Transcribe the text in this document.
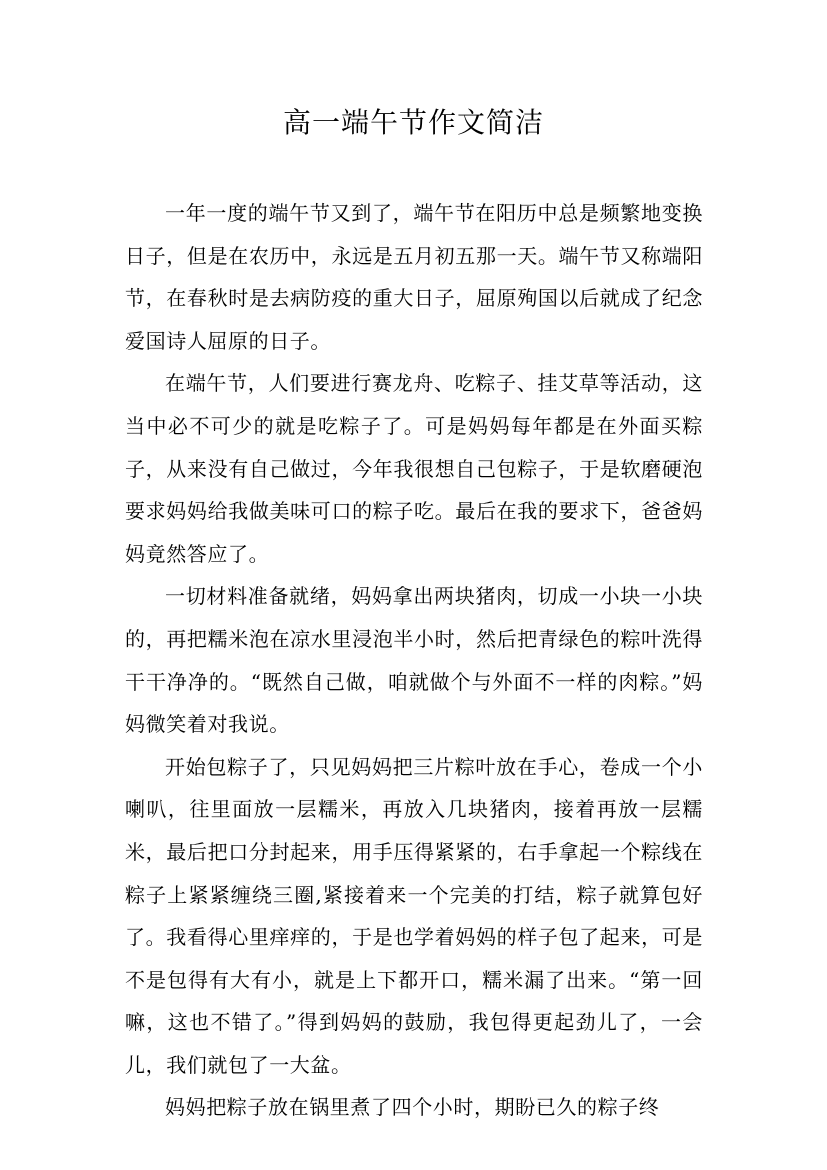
高一端午节作文简洁

一年一度的端午节又到了，端午节在阳历中总是频繁地变换日子，但是在农历中，永远是五月初五那一天。端午节又称端阳节，在春秋时是去病防疫的重大日子，屈原殉国以后就成了纪念爱国诗人屈原的日子。

在端午节，人们要进行赛龙舟、吃粽子、挂艾草等活动，这当中必不可少的就是吃粽子了。可是妈妈每年都是在外面买粽子，从来没有自己做过，今年我很想自己包粽子，于是软磨硬泡要求妈妈给我做美味可口的粽子吃。最后在我的要求下，爸爸妈妈竟然答应了。

一切材料准备就绪，妈妈拿出两块猪肉，切成一小块一小块的，再把糯米泡在凉水里浸泡半小时，然后把青绿色的粽叶洗得干干净净的。“既然自己做，咱就做个与外面不一样的肉粽。”妈妈微笑着对我说。

开始包粽子了，只见妈妈把三片粽叶放在手心，卷成一个小喇叭，往里面放一层糯米，再放入几块猪肉，接着再放一层糯米，最后把口分封起来，用手压得紧紧的，右手拿起一个粽线在粽子上紧紧缠绕三圈,紧接着来一个完美的打结，粽子就算包好了。我看得心里痒痒的，于是也学着妈妈的样子包了起来，可是不是包得有大有小，就是上下都开口，糯米漏了出来。“第一回嘛，这也不错了。”得到妈妈的鼓励，我包得更起劲儿了，一会儿，我们就包了一大盆。

妈妈把粽子放在锅里煮了四个小时，期盼已久的粽子终
